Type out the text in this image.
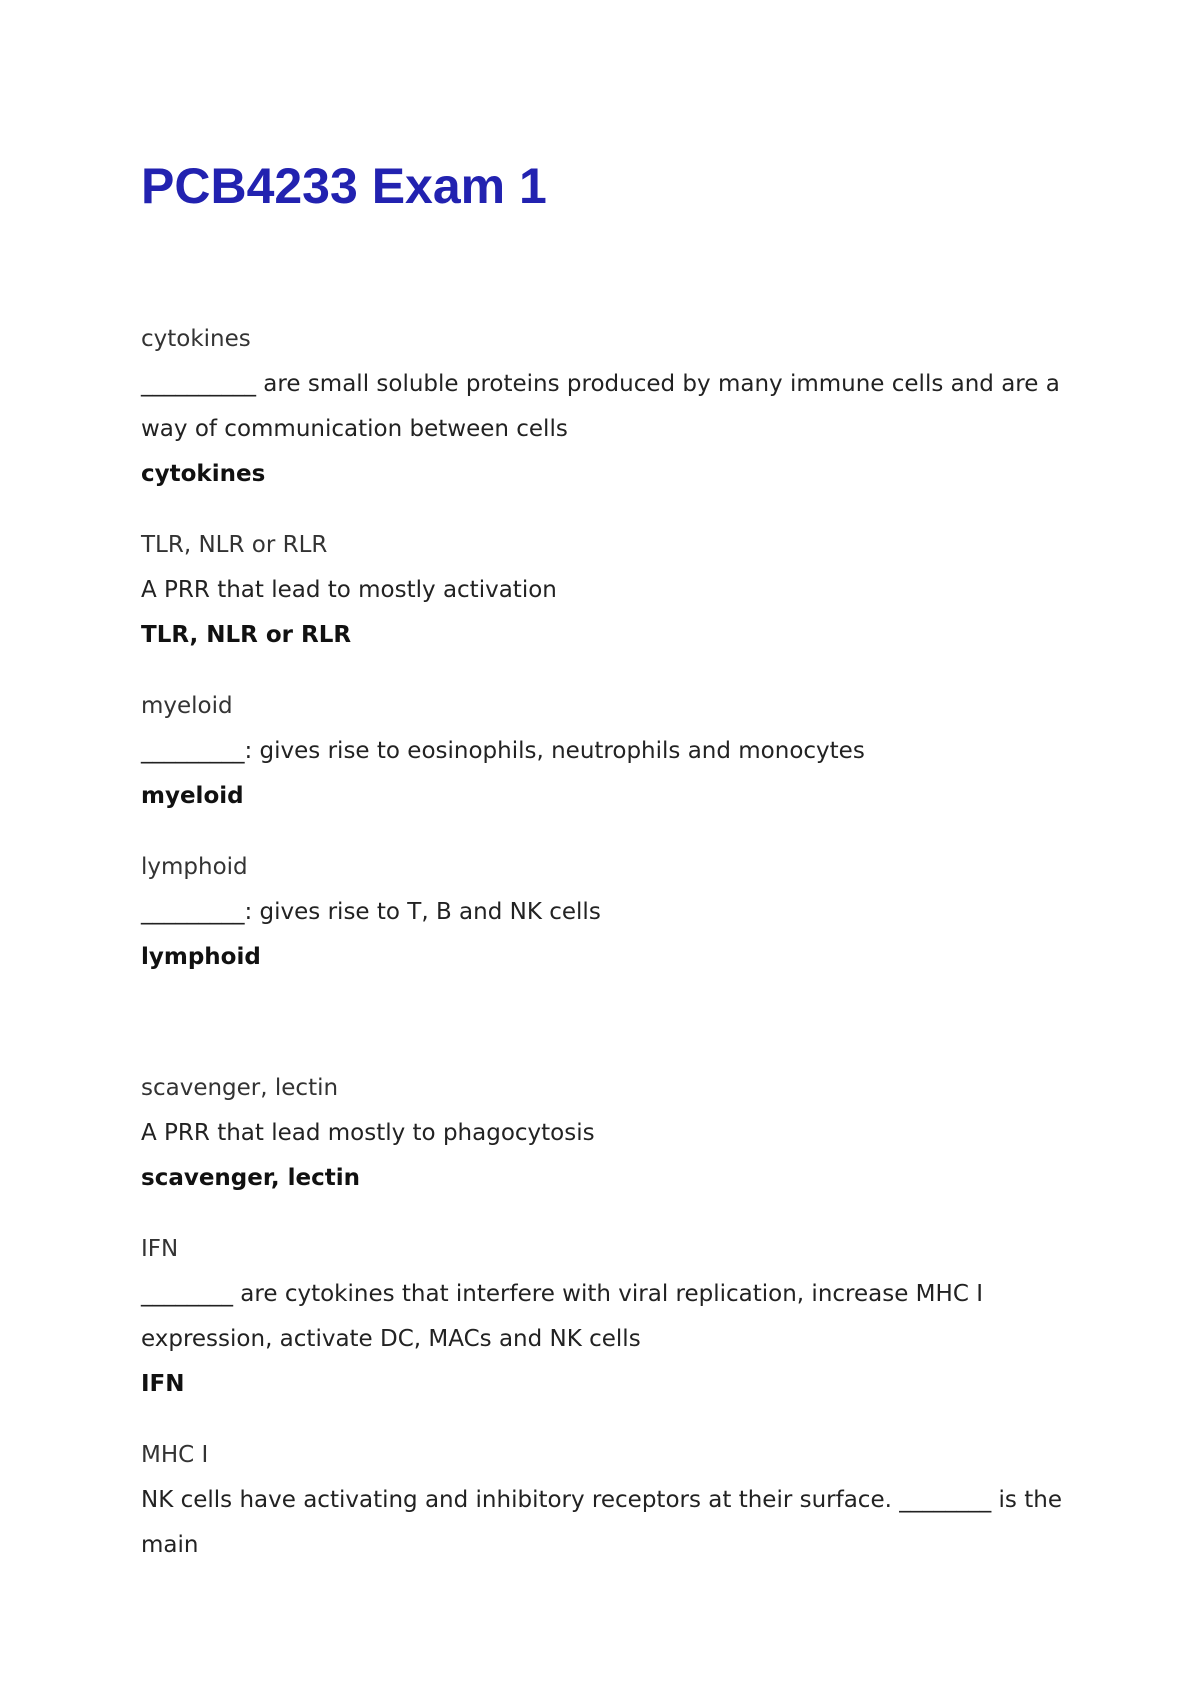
PCB4233 Exam 1
cytokines
__________ are small soluble proteins produced by many immune cells and are a way of communication between cells
cytokines
TLR, NLR or RLR
A PRR that lead to mostly activation
TLR, NLR or RLR
myeloid
_________: gives rise to eosinophils, neutrophils and monocytes
myeloid
lymphoid
_________: gives rise to T, B and NK cells
lymphoid
scavenger, lectin
A PRR that lead mostly to phagocytosis
scavenger, lectin
IFN
________ are cytokines that interfere with viral replication, increase MHC I expression, activate DC, MACs and NK cells
IFN
MHC I
NK cells have activating and inhibitory receptors at their surface. ________ is the main
